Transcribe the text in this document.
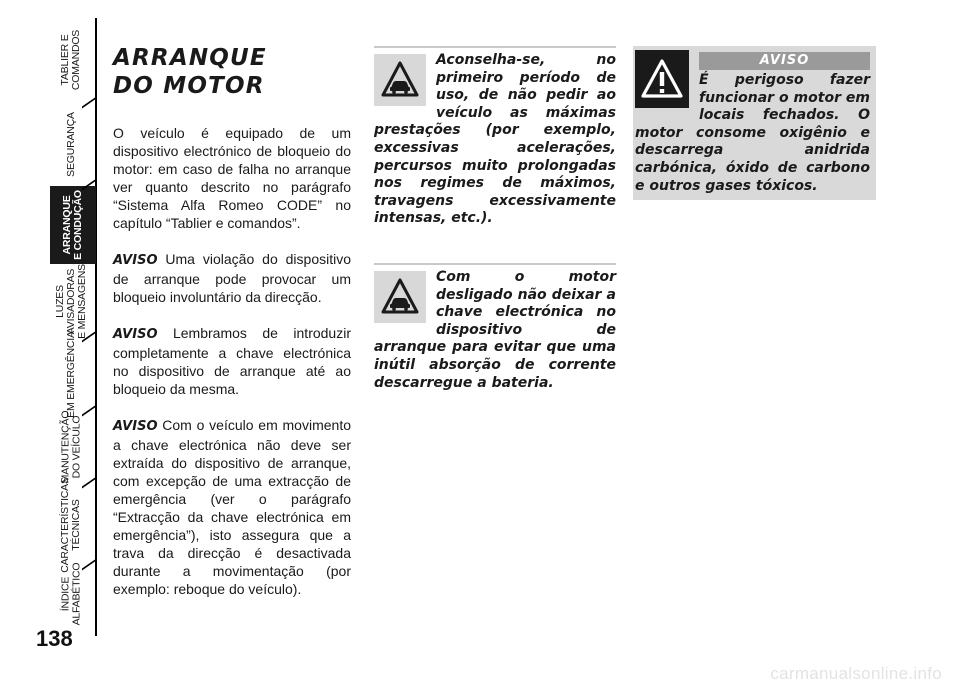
TABLIER E
COMANDOS
SEGURANÇA
ARRANQUE
E CONDUÇÃO
LUZES
AVISADORAS
E MENSAGENS
EM EMERGÊNCIA
MANUTENÇÃO
DO VEÍCULO
CARACTERÍSTICAS
TÉCNICAS
ÍNDICE
ALFABÉTICO
138
ARRANQUE
DO MOTOR

O veículo é equipado de um dispositivo electrónico de bloqueio do motor: em caso de falha no arranque ver quanto descrito no parágrafo “Sistema Alfa Romeo CODE” no capítulo “Tablier e comandos”.

AVISO Uma violação do dispositivo de arranque pode provocar um bloqueio involuntário da direcção.

AVISO Lembramos de introduzir completamente a chave electrónica no dispositivo de arranque até ao bloqueio da mesma.

AVISO Com o veículo em movimento a chave electrónica não deve ser extraída do dispositivo de arranque, com excepção de uma extracção de emergência (ver o parágrafo “Extracção da chave electrónica em emergência”), isto assegura que a trava da direcção é desactivada durante a movimentação (por exemplo: reboque do veículo).

Aconselha-se, no primeiro período de uso, de não pedir ao veículo as máximas prestações (por exemplo, excessivas acelerações, percursos muito prolongadas nos regimes de máximos, travagens excessivamente intensas, etc.).
Com o motor desligado não deixar a chave electrónica no dispositivo de arranque para evitar que uma inútil absorção de corrente descarregue a bateria.
AVISO
É perigoso fazer funcionar o motor em locais fechados. O motor consome oxigênio e descarrega anidrida carbónica, óxido de carbono e outros gases tóxicos.
carmanualsonline.info
